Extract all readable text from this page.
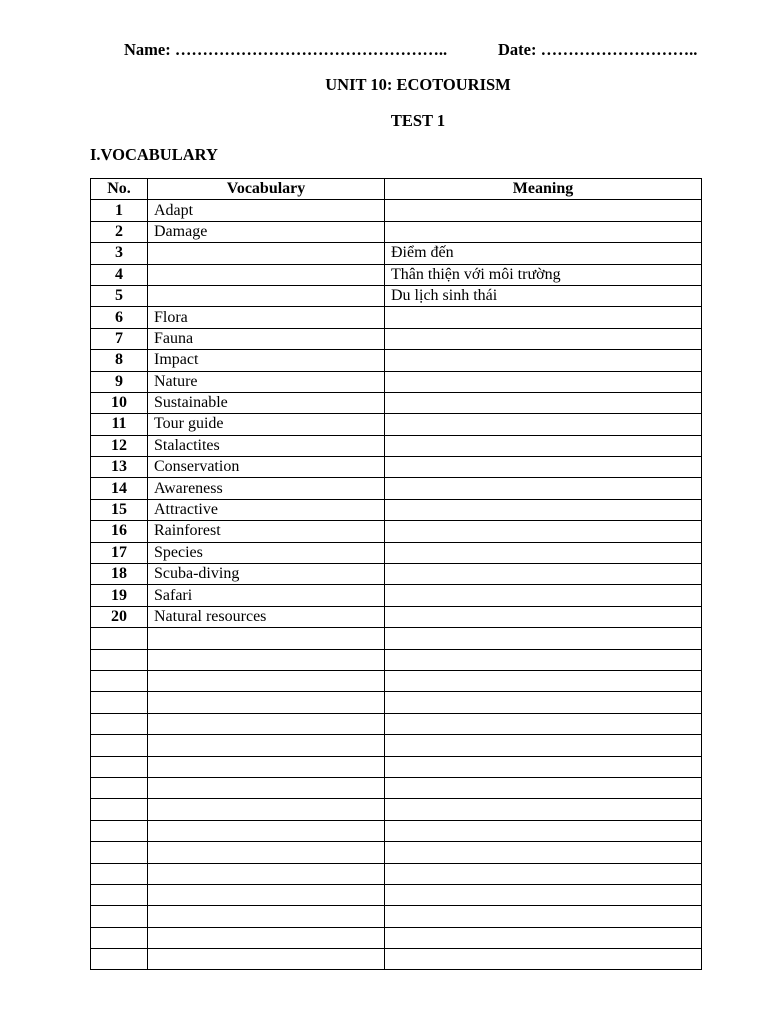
Name: …………………………………………..	Date: ………………………..
UNIT 10: ECOTOURISM
TEST 1
I.VOCABULARY
No.	Vocabulary	Meaning
1	Adapt	
2	Damage	
3		Điểm đến
4		Thân thiện với môi trường
5		Du lịch sinh thái
6	Flora	
7	Fauna	
8	Impact	
9	Nature	
10	Sustainable	
11	Tour guide	
12	Stalactites	
13	Conservation	
14	Awareness	
15	Attractive	
16	Rainforest	
17	Species	
18	Scuba-diving	
19	Safari	
20	Natural resources	
